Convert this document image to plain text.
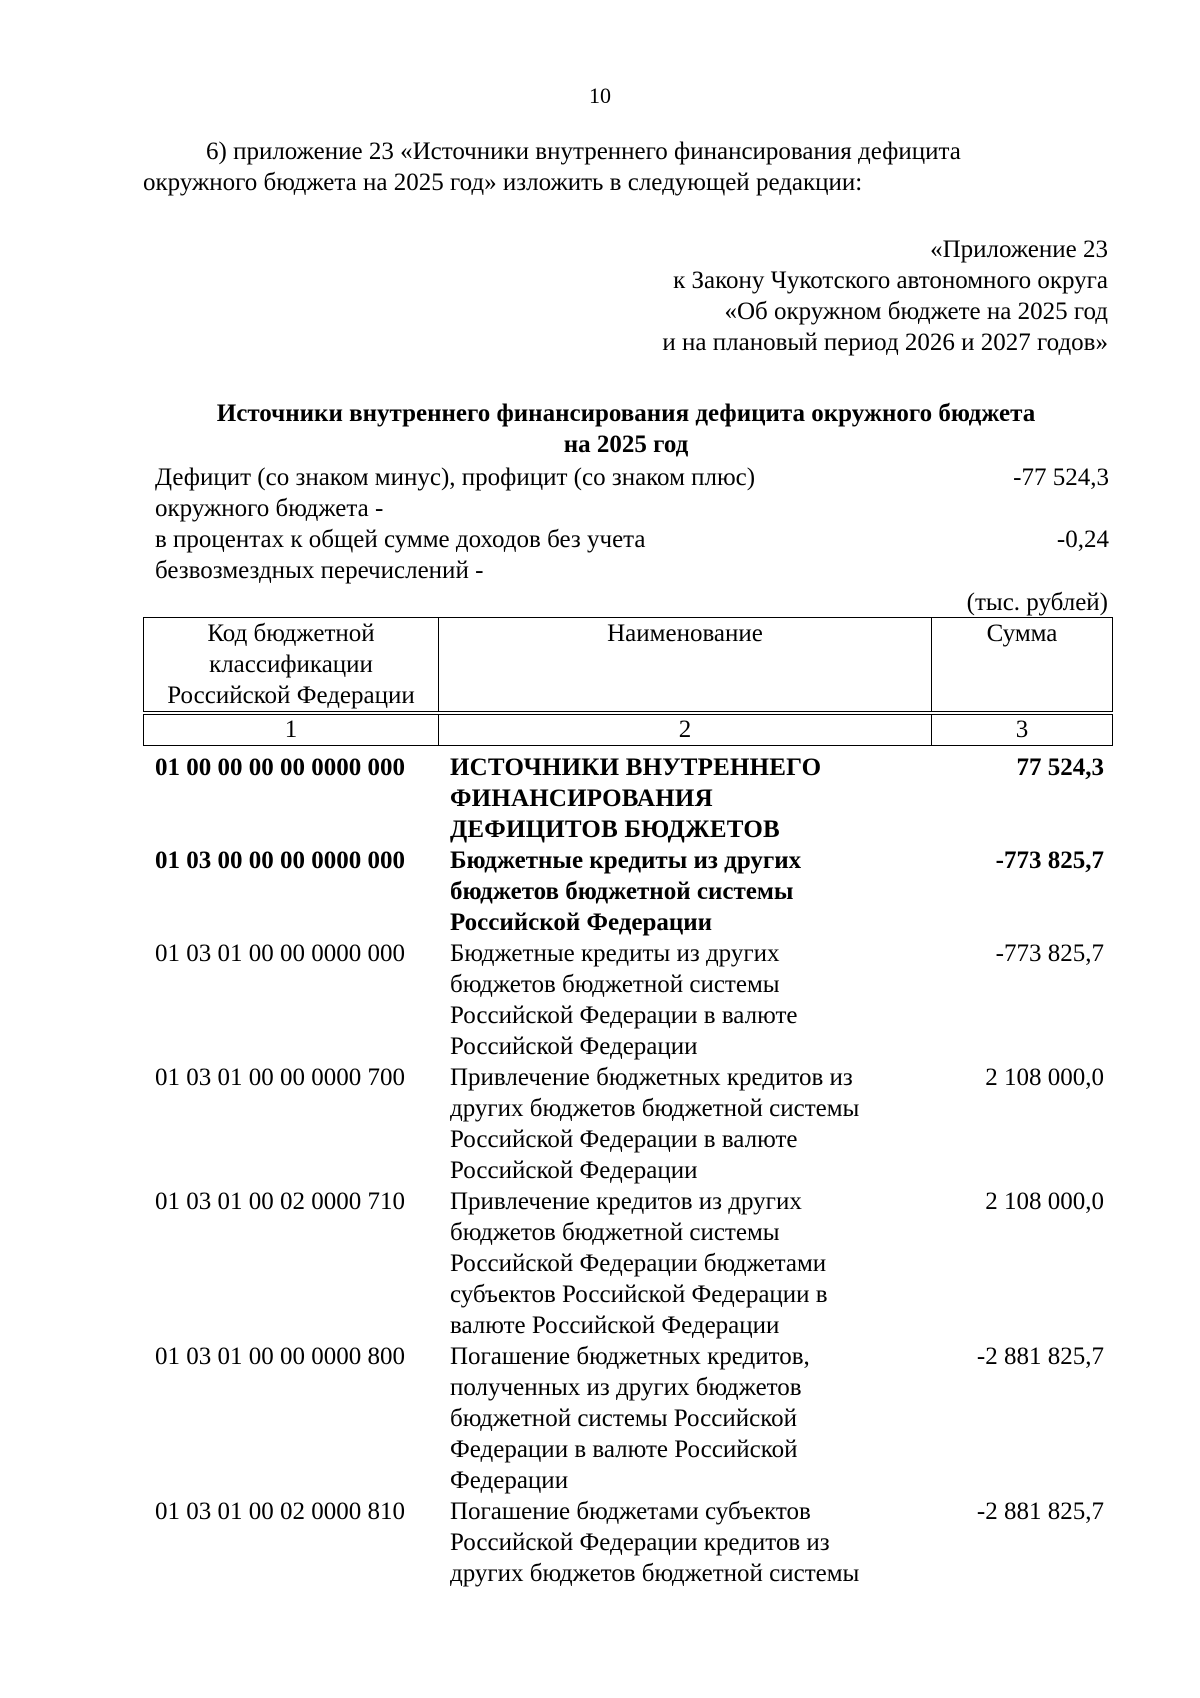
10
6) приложение 23 «Источники внутреннего финансирования дефицита
окружного бюджета на 2025 год» изложить в следующей редакции:
«Приложение 23
к Закону Чукотского автономного округа
«Об окружном бюджете на 2025 год
и на плановый период 2026 и 2027 годов»
Источники внутреннего финансирования дефицита окружного бюджета
на 2025 год
Дефицит (со знаком минус), профицит (со знаком плюс)
окружного бюджета -
-77 524,3
в процентах к общей сумме доходов без учета
безвозмездных перечислений -
-0,24
(тыс. рублей)
Код бюджетной
классификации
Российской Федерации	Наименование	Сумма

1	2	3
01 00 00 00 00 0000 000	ИСТОЧНИКИ ВНУТРЕННЕГО
ФИНАНСИРОВАНИЯ
ДЕФИЦИТОВ БЮДЖЕТОВ
77 524,3
01 03 00 00 00 0000 000	Бюджетные кредиты из других
бюджетов бюджетной системы
Российской Федерации
-773 825,7
01 03 01 00 00 0000 000	Бюджетные кредиты из других
бюджетов бюджетной системы
Российской Федерации в валюте
Российской Федерации
-773 825,7
01 03 01 00 00 0000 700	Привлечение бюджетных кредитов из
других бюджетов бюджетной системы
Российской Федерации в валюте
Российской Федерации
2 108 000,0
01 03 01 00 02 0000 710	Привлечение кредитов из других
бюджетов бюджетной системы
Российской Федерации бюджетами
субъектов Российской Федерации в
валюте Российской Федерации
2 108 000,0
01 03 01 00 00 0000 800	Погашение бюджетных кредитов,
полученных из других бюджетов
бюджетной системы Российской
Федерации в валюте Российской
Федерации
-2 881 825,7
01 03 01 00 02 0000 810	Погашение бюджетами субъектов
Российской Федерации кредитов из
других бюджетов бюджетной системы
-2 881 825,7
